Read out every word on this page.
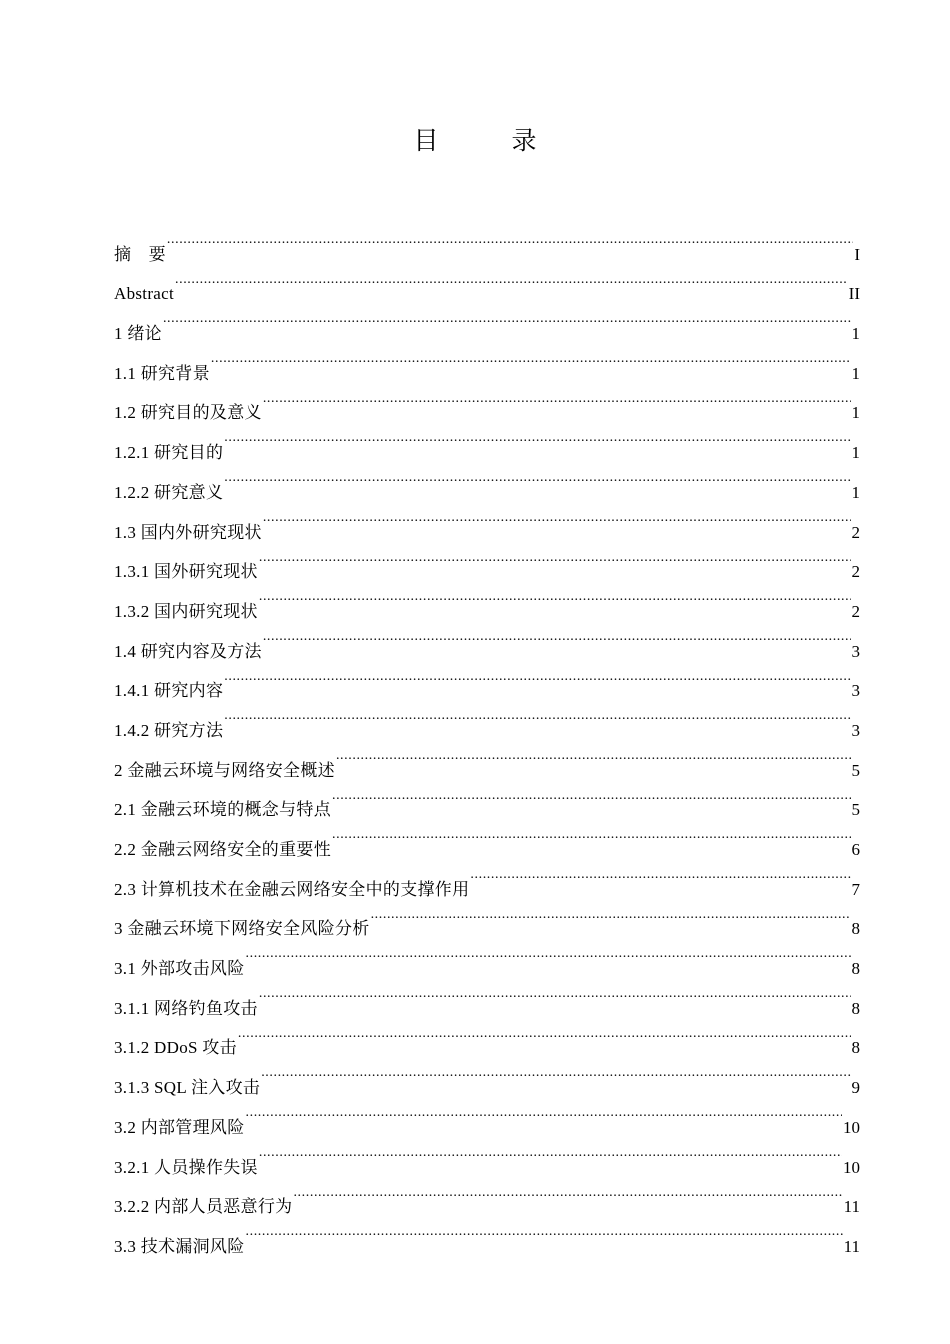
目　录
摘　要 .....	I
Abstract .....	II
1 绪论 .....	1
1.1 研究背景 .....	1
1.2 研究目的及意义 .....	1
1.2.1 研究目的 .....	1
1.2.2 研究意义 .....	1
1.3 国内外研究现状 .....	2
1.3.1 国外研究现状 .....	2
1.3.2 国内研究现状 .....	2
1.4 研究内容及方法 .....	3
1.4.1 研究内容 .....	3
1.4.2 研究方法 .....	3
2 金融云环境与网络安全概述 .....	5
2.1 金融云环境的概念与特点 .....	5
2.2 金融云网络安全的重要性 .....	6
2.3 计算机技术在金融云网络安全中的支撑作用 .....	7
3 金融云环境下网络安全风险分析 .....	8
3.1 外部攻击风险 .....	8
3.1.1 网络钓鱼攻击 .....	8
3.1.2 DDoS 攻击 .....	8
3.1.3 SQL 注入攻击 .....	9
3.2 内部管理风险 .....	10
3.2.1 人员操作失误 .....	10
3.2.2 内部人员恶意行为 .....	11
3.3 技术漏洞风险 .....	11
